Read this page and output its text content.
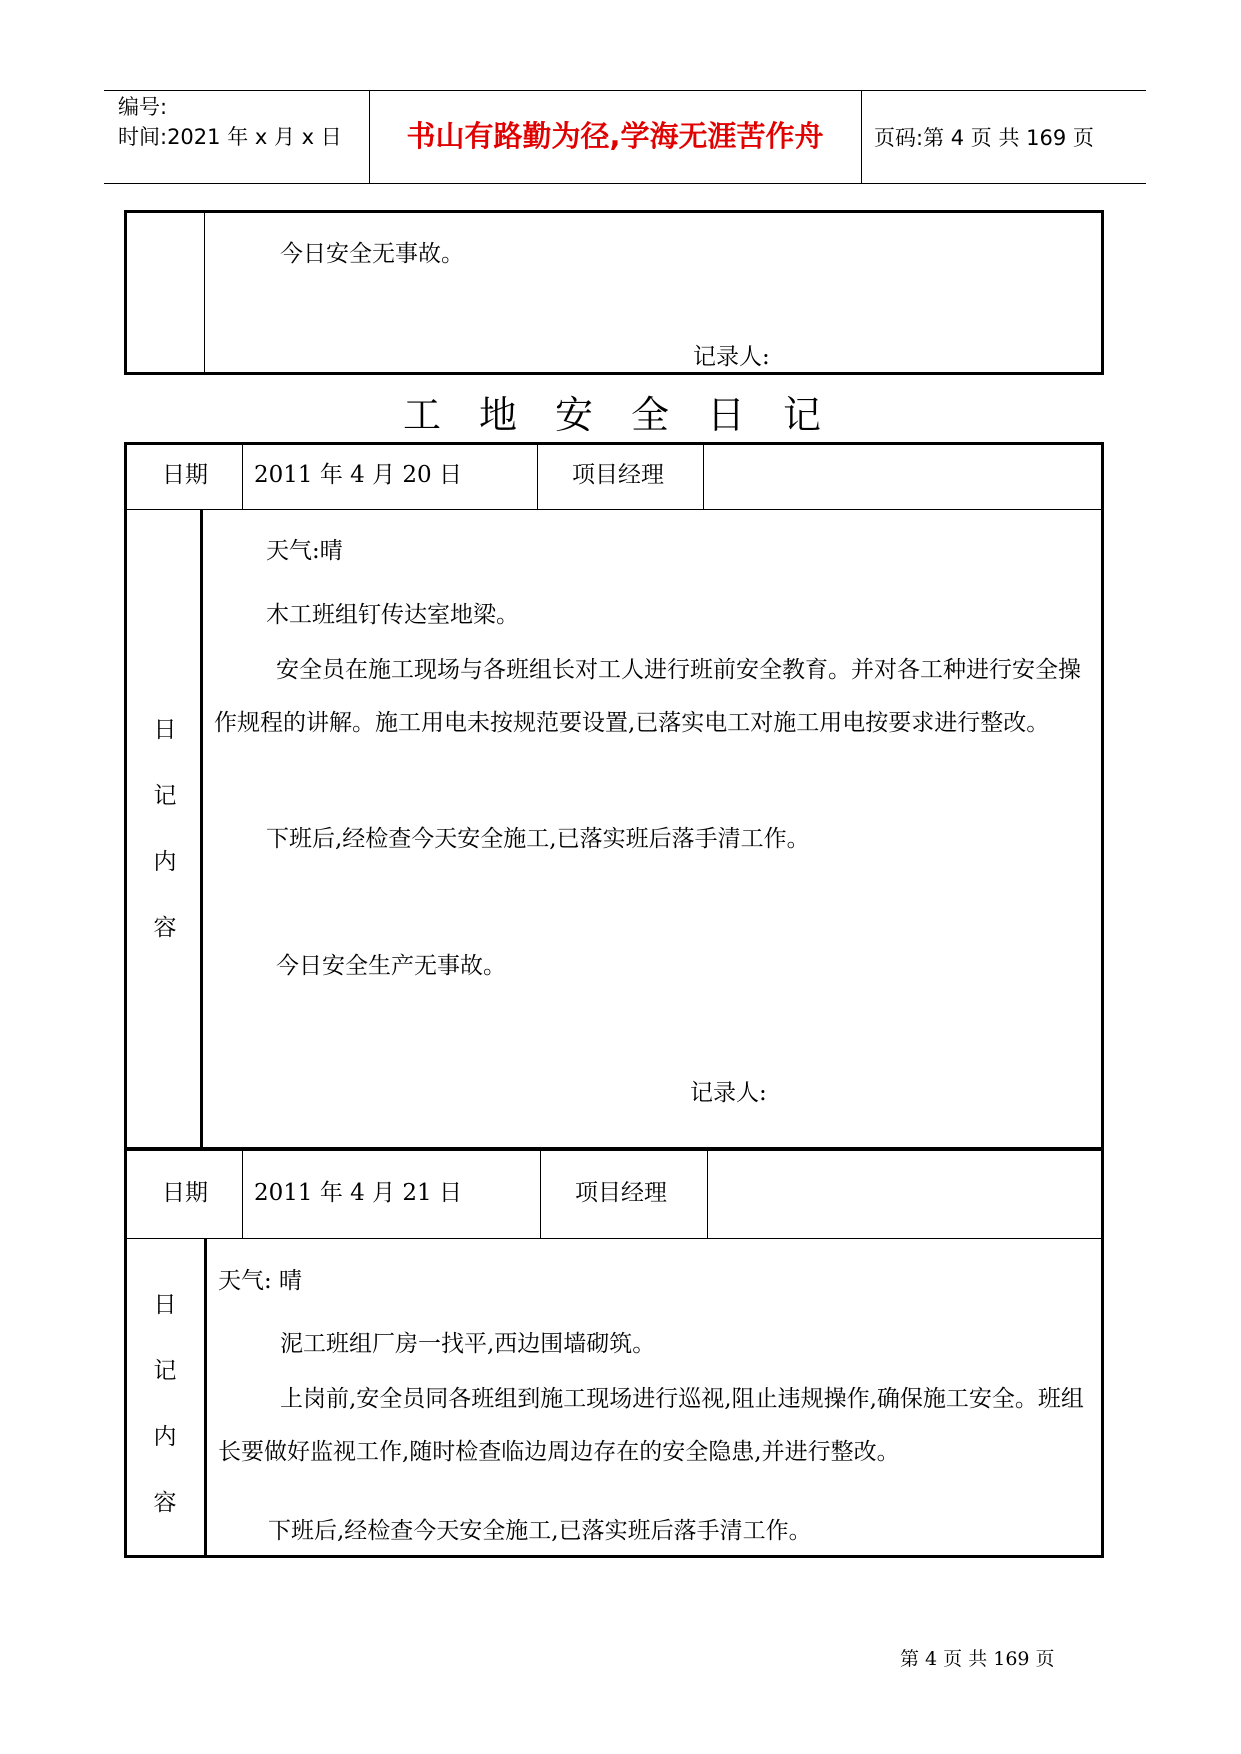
编号:
时间:2021 年 x 月 x 日	书山有路勤为径,学海无涯苦作舟	页码:第 4 页 共 169 页
今日安全无事故。
记录人:
工地安全日记
日期 2011 年 4 月 20 日	项目经理
日
记
内
容
天气:晴
木工班组钉传达室地梁。
安全员在施工现场与各班组长对工人进行班前安全教育。并对各工种进行安全操作规程的讲解。施工用电未按规范要设置,已落实电工对施工用电按要求进行整改。
下班后,经检查今天安全施工,已落实班后落手清工作。
今日安全生产无事故。
记录人:
日期 2011 年 4 月 21 日	项目经理
日
记
内
容
天气: 晴
泥工班组厂房一找平,西边围墙砌筑。
上岗前,安全员同各班组到施工现场进行巡视,阻止违规操作,确保施工安全。班组长要做好监视工作,随时检查临边周边存在的安全隐患,并进行整改。
下班后,经检查今天安全施工,已落实班后落手清工作。
第 4 页 共 169 页
